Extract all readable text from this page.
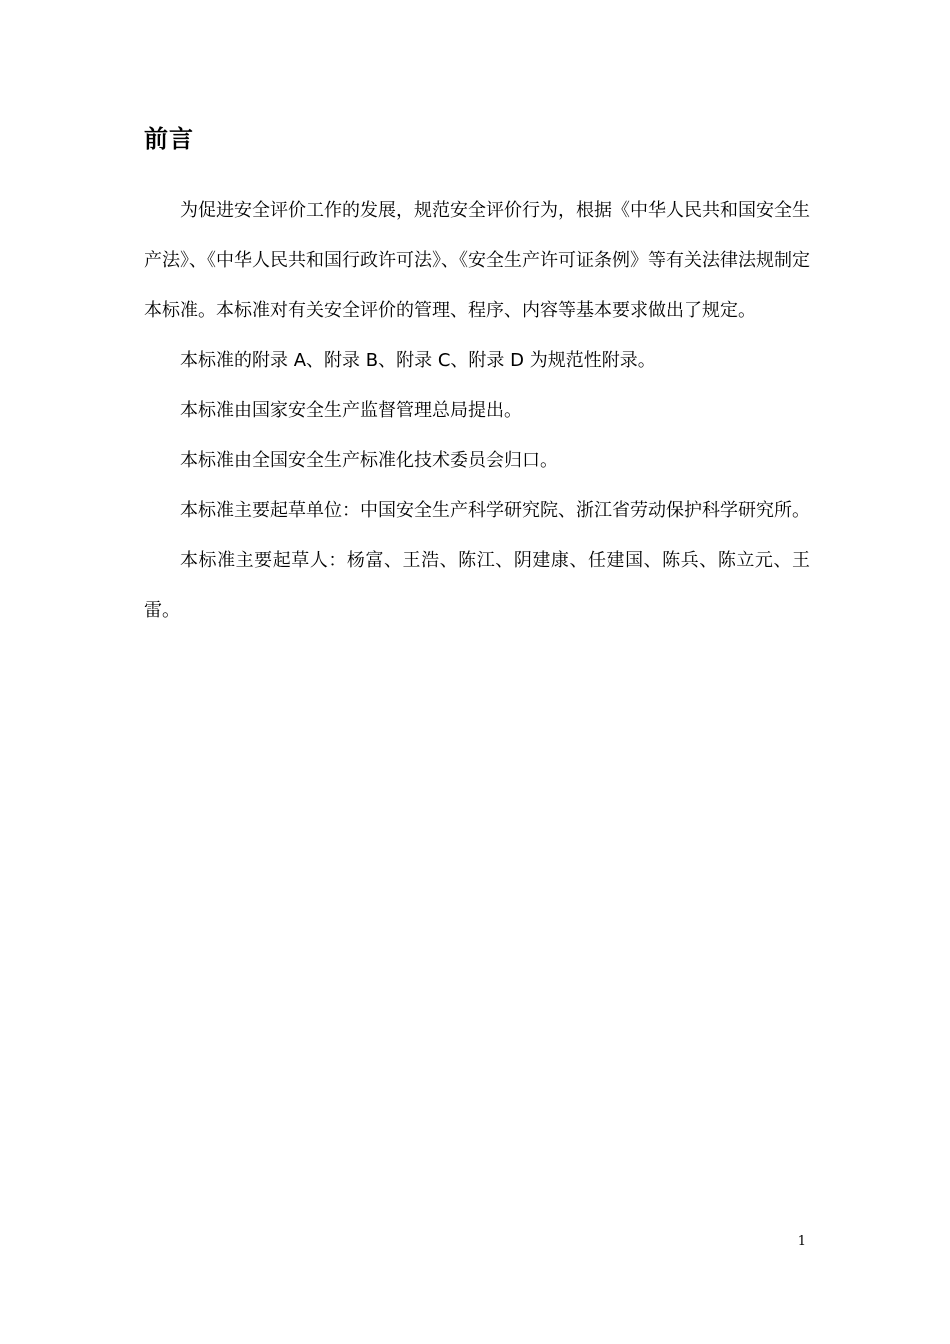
前言

为促进安全评价工作的发展，规范安全评价行为，根据《中华人民共和国安全生产法》、《中华人民共和国行政许可法》、《安全生产许可证条例》等有关法律法规制定本标准。本标准对有关安全评价的管理、程序、内容等基本要求做出了规定。

本标准的附录 A、附录 B、附录 C、附录 D 为规范性附录。

本标准由国家安全生产监督管理总局提出。

本标准由全国安全生产标准化技术委员会归口。

本标准主要起草单位：中国安全生产科学研究院、浙江省劳动保护科学研究所。

本标准主要起草人：杨富、王浩、陈江、阴建康、任建国、陈兵、陈立元、王雷。

1
